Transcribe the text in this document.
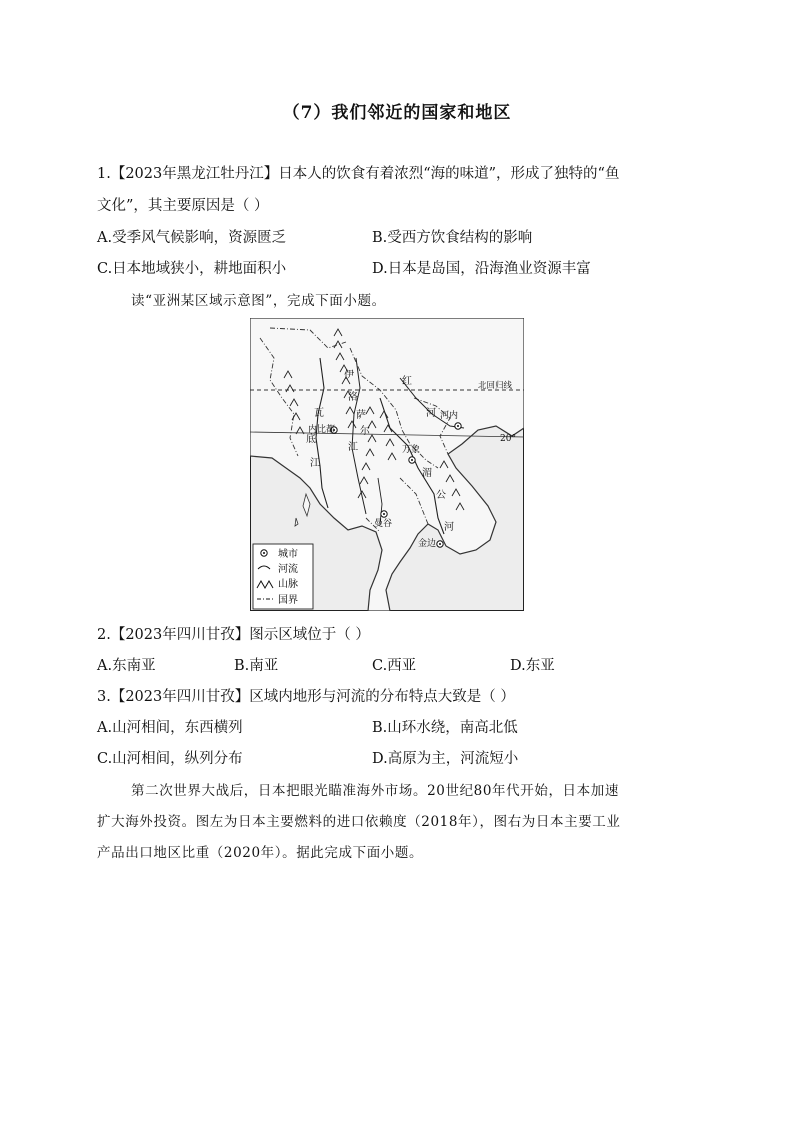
（7）我们邻近的国家和地区
1.【2023年黑龙江牡丹江】日本人的饮食有着浓烈“海的味道”，形成了独特的“鱼
文化”，其主要原因是（ ）
A.受季风气候影响，资源匮乏	B.受西方饮食结构的影响
C.日本地域狭小，耕地面积小	D.日本是岛国，沿海渔业资源丰富
读“亚洲某区域示意图”，完成下面小题。
伊
洛
瓦
底
江
内比都
萨
尔
江
红
河 河内
万象
湄
公
河
曼谷
金边
北回归线
20°
城市
河流
山脉
国界
2.【2023年四川甘孜】图示区域位于（ ）
A.东南亚	B.南亚	C.西亚	D.东亚
3.【2023年四川甘孜】区域内地形与河流的分布特点大致是（ ）
A.山河相间，东西横列	B.山环水绕，南高北低
C.山河相间，纵列分布	D.高原为主，河流短小
第二次世界大战后，日本把眼光瞄准海外市场。20世纪80年代开始，日本加速
扩大海外投资。图左为日本主要燃料的进口依赖度（2018年），图右为日本主要工业
产品出口地区比重（2020年）。据此完成下面小题。
